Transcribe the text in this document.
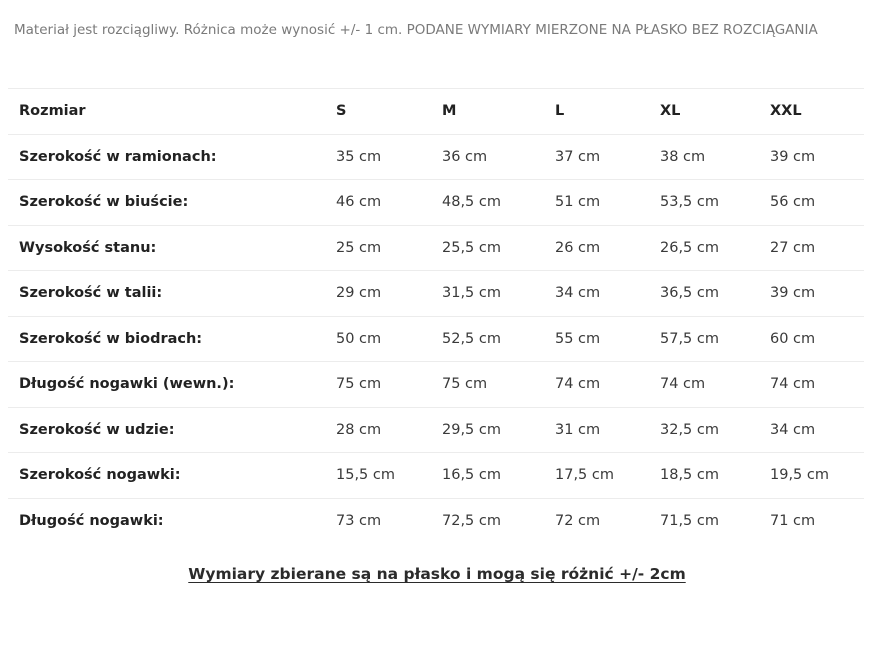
Materiał jest rozciągliwy. Różnica może wynosić +/- 1 cm. PODANE WYMIARY MIERZONE NA PŁASKO BEZ ROZCIĄGANIA

Rozmiar	S	M	L	XL	XXL
Szerokość w ramionach:	35 cm	36 cm	37 cm	38 cm	39 cm
Szerokość w biuście:	46 cm	48,5 cm	51 cm	53,5 cm	56 cm
Wysokość stanu:	25 cm	25,5 cm	26 cm	26,5 cm	27 cm
Szerokość w talii:	29 cm	31,5 cm	34 cm	36,5 cm	39 cm
Szerokość w biodrach:	50 cm	52,5 cm	55 cm	57,5 cm	60 cm
Długość nogawki (wewn.):	75 cm	75 cm	74 cm	74 cm	74 cm
Szerokość w udzie:	28 cm	29,5 cm	31 cm	32,5 cm	34 cm
Szerokość nogawki:	15,5 cm	16,5 cm	17,5 cm	18,5 cm	19,5 cm
Długość nogawki:	73 cm	72,5 cm	72 cm	71,5 cm	71 cm
Wymiary zbierane są na płasko i mogą się różnić +/- 2cm
